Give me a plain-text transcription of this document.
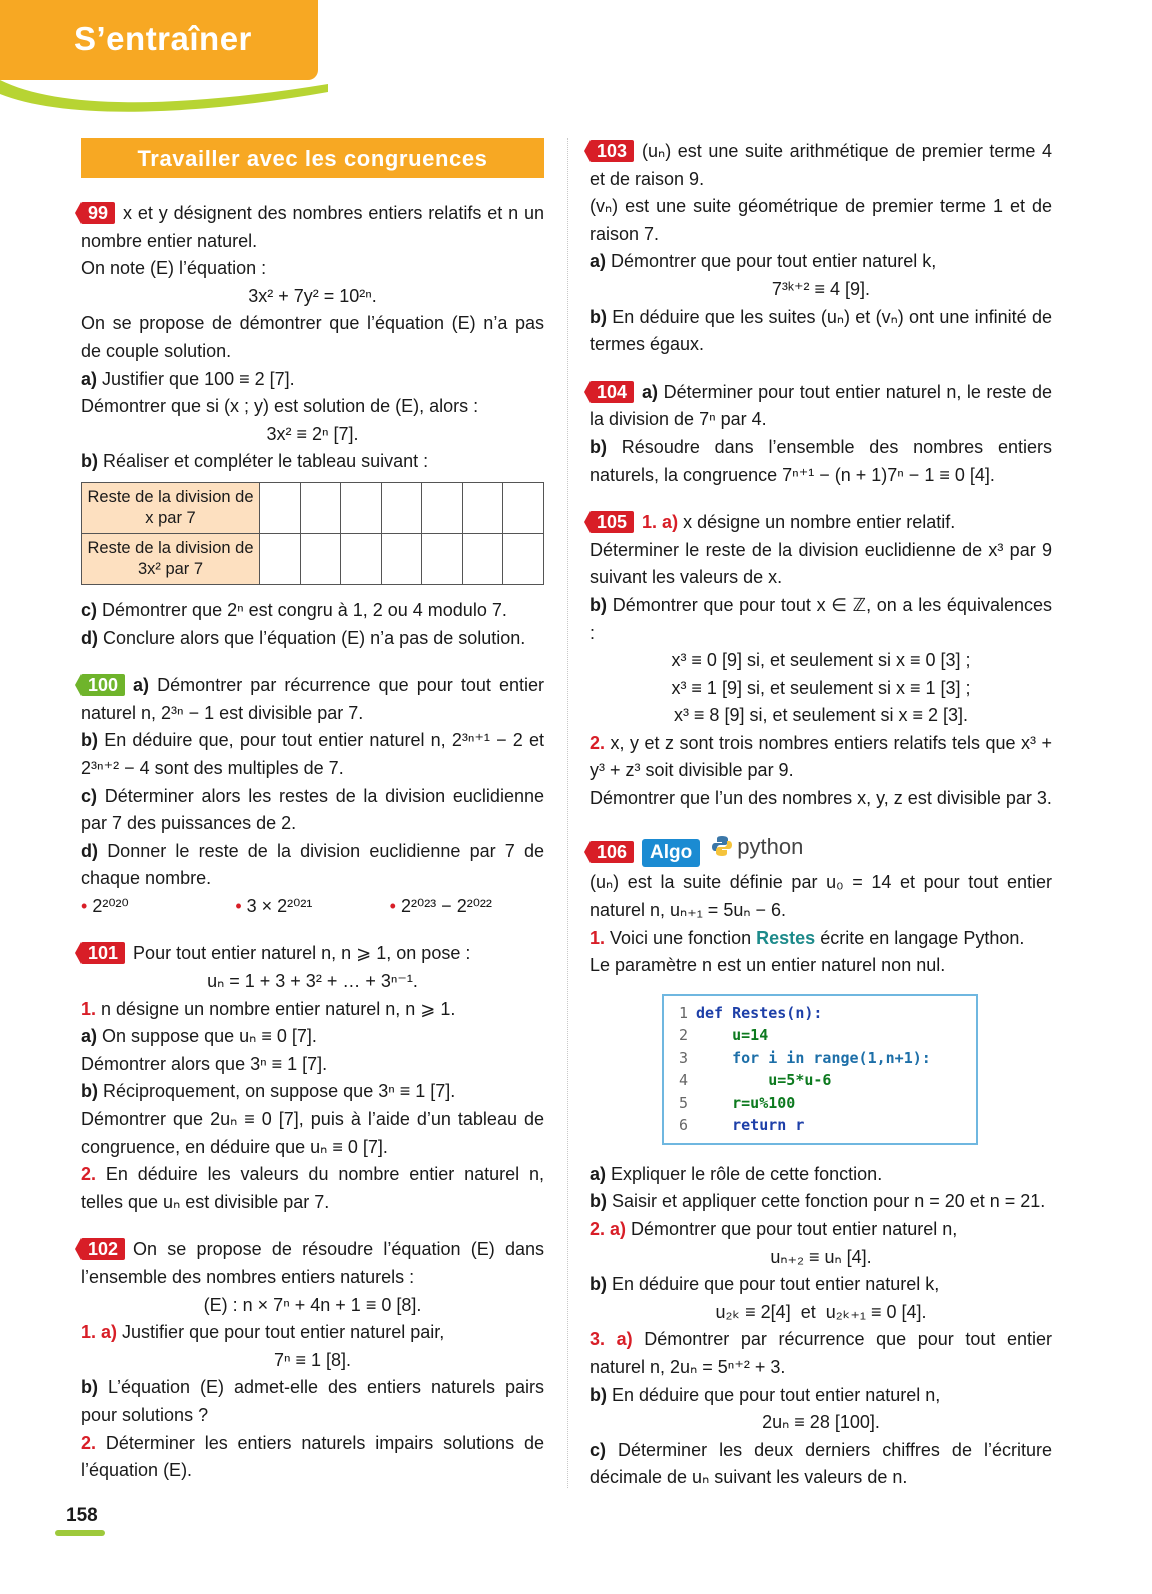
S’entraîner
Travailler avec les congruences
99 x et y désignent des nombres entiers relatifs et n un nombre entier naturel.
On note (E) l’équation :
3x² + 7y² = 10²ⁿ.
On se propose de démontrer que l’équation (E) n’a pas de couple solution.
a) Justifier que 100 ≡ 2 [7].
Démontrer que si (x ; y) est solution de (E), alors :
3x² ≡ 2ⁿ [7].
b) Réaliser et compléter le tableau suivant :
Reste de la division de x par 7							
Reste de la division de 3x² par 7							
c) Démontrer que 2ⁿ est congru à 1, 2 ou 4 modulo 7.
d) Conclure alors que l’équation (E) n’a pas de solution.
100 a) Démontrer par récurrence que pour tout entier naturel n, 2³ⁿ − 1 est divisible par 7.
b) En déduire que, pour tout entier naturel n, 2³ⁿ⁺¹ − 2 et 2³ⁿ⁺² − 4 sont des multiples de 7.
c) Déterminer alors les restes de la division euclidienne par 7 des puissances de 2.
d) Donner le reste de la division euclidienne par 7 de chaque nombre.
• 2²⁰²⁰	• 3 × 2²⁰²¹	• 2²⁰²³ − 2²⁰²²
101 Pour tout entier naturel n, n ⩾ 1, on pose :
uₙ = 1 + 3 + 3² + … + 3ⁿ⁻¹.
1. n désigne un nombre entier naturel n, n ⩾ 1.
a) On suppose que uₙ ≡ 0 [7].
Démontrer alors que 3ⁿ ≡ 1 [7].
b) Réciproquement, on suppose que 3ⁿ ≡ 1 [7].
Démontrer que 2uₙ ≡ 0 [7], puis à l’aide d’un tableau de congruence, en déduire que uₙ ≡ 0 [7].
2. En déduire les valeurs du nombre entier naturel n, telles que uₙ est divisible par 7.
102 On se propose de résoudre l’équation (E) dans l’ensemble des nombres entiers naturels :
(E) : n × 7ⁿ + 4n + 1 ≡ 0 [8].
1. a) Justifier que pour tout entier naturel pair,
7ⁿ ≡ 1 [8].
b) L’équation (E) admet-elle des entiers naturels pairs pour solutions ?
2. Déterminer les entiers naturels impairs solutions de l’équation (E).
103 (uₙ) est une suite arithmétique de premier terme 4 et de raison 9.
(vₙ) est une suite géométrique de premier terme 1 et de raison 7.
a) Démontrer que pour tout entier naturel k,
7³ᵏ⁺² ≡ 4 [9].
b) En déduire que les suites (uₙ) et (vₙ) ont une infinité de termes égaux.
104 a) Déterminer pour tout entier naturel n, le reste de la division de 7ⁿ par 4.
b) Résoudre dans l’ensemble des nombres entiers naturels, la congruence 7ⁿ⁺¹ − (n + 1)7ⁿ − 1 ≡ 0 [4].
105 1. a) x désigne un nombre entier relatif.
Déterminer le reste de la division euclidienne de x³ par 9 suivant les valeurs de x.
b) Démontrer que pour tout x ∈ ℤ, on a les équivalences :
x³ ≡ 0 [9] si, et seulement si x ≡ 0 [3] ;
x³ ≡ 1 [9] si, et seulement si x ≡ 1 [3] ;
x³ ≡ 8 [9] si, et seulement si x ≡ 2 [3].
2. x, y et z sont trois nombres entiers relatifs tels que x³ + y³ + z³ soit divisible par 9.
Démontrer que l’un des nombres x, y, z est divisible par 3.
106 Algo python
(uₙ) est la suite définie par u₀ = 14 et pour tout entier naturel n, uₙ₊₁ = 5uₙ − 6.
1. Voici une fonction Restes écrite en langage Python.
Le paramètre n est un entier naturel non nul.
1 def Restes(n):
2    u=14
3    for i in range(1,n+1):
4        u=5*u-6
5    r=u%100
6    return r
a) Expliquer le rôle de cette fonction.
b) Saisir et appliquer cette fonction pour n = 20 et n = 21.
2. a) Démontrer que pour tout entier naturel n,
uₙ₊₂ ≡ uₙ [4].
b) En déduire que pour tout entier naturel k,
u₂ₖ ≡ 2[4]  et  u₂ₖ₊₁ ≡ 0 [4].
3. a) Démontrer par récurrence que pour tout entier naturel n, 2uₙ = 5ⁿ⁺² + 3.
b) En déduire que pour tout entier naturel n,
2uₙ ≡ 28 [100].
c) Déterminer les deux derniers chiffres de l’écriture décimale de uₙ suivant les valeurs de n.
158
